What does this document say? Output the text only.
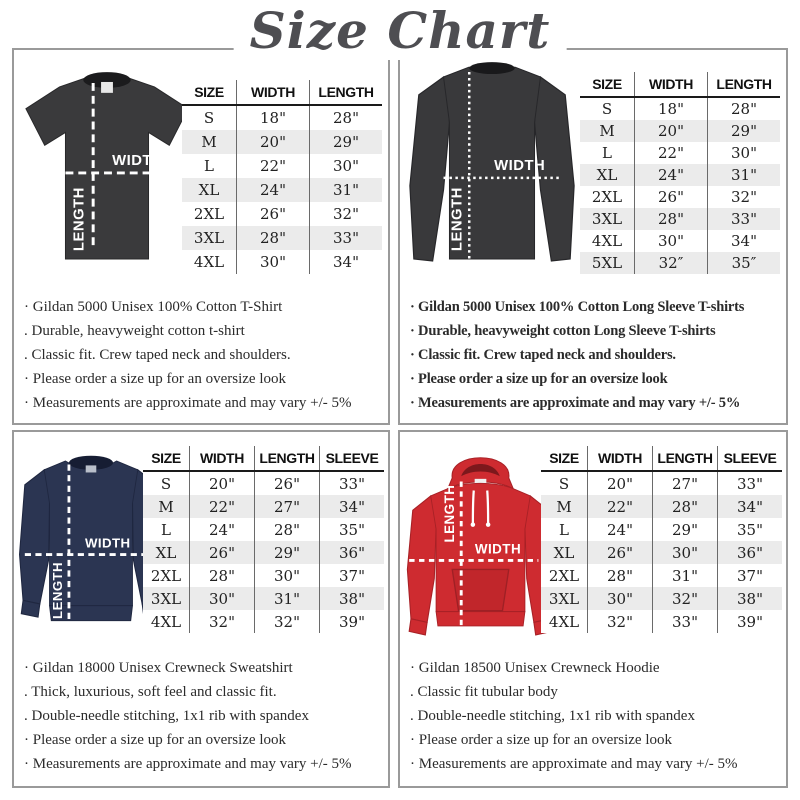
WIDTH
LENGTH
SIZE	WIDTH	LENGTH
S	18"	28"
M	20"	29"
L	22"	30"
XL	24"	31"
2XL	26"	32"
3XL	28"	33"
4XL	30"	34"
· Gildan 5000 Unisex 100% Cotton T-Shirt
. Durable, heavyweight cotton t-shirt
. Classic fit. Crew taped neck and shoulders.
· Please order a size up for an oversize look
· Measurements are approximate and may vary +/- 5%
WIDTH
LENGTH
SIZE	WIDTH	LENGTH
S	18"	28"
M	20"	29"
L	22"	30"
XL	24"	31"
2XL	26"	32"
3XL	28"	33"
4XL	30"	34"
5XL	32″	35″
· Gildan 5000 Unisex 100% Cotton Long Sleeve T-shirts
· Durable, heavyweight cotton Long Sleeve T-shirts
· Classic fit. Crew taped neck and shoulders.
· Please order a size up for an oversize look
· Measurements are approximate and may vary +/- 5%
WIDTH
LENGTH
SIZE	WIDTH	LENGTH	SLEEVE
S	20"	26"	33"
M	22"	27"	34"
L	24"	28"	35"
XL	26"	29"	36"
2XL	28"	30"	37"
3XL	30"	31"	38"
4XL	32"	32"	39"
· Gildan 18000 Unisex Crewneck Sweatshirt
. Thick, luxurious, soft feel and classic fit.
. Double-needle stitching, 1x1 rib with spandex
· Please order a size up for an oversize look
· Measurements are approximate and may vary +/- 5%
WIDTH
LENGTH
SIZE	WIDTH	LENGTH	SLEEVE
S	20"	27"	33"
M	22"	28"	34"
L	24"	29"	35"
XL	26"	30"	36"
2XL	28"	31"	37"
3XL	30"	32"	38"
4XL	32"	33"	39"
· Gildan 18500 Unisex Crewneck Hoodie
. Classic fit tubular body
. Double-needle stitching, 1x1 rib with spandex
· Please order a size up for an oversize look
· Measurements are approximate and may vary +/- 5%
Size Chart
